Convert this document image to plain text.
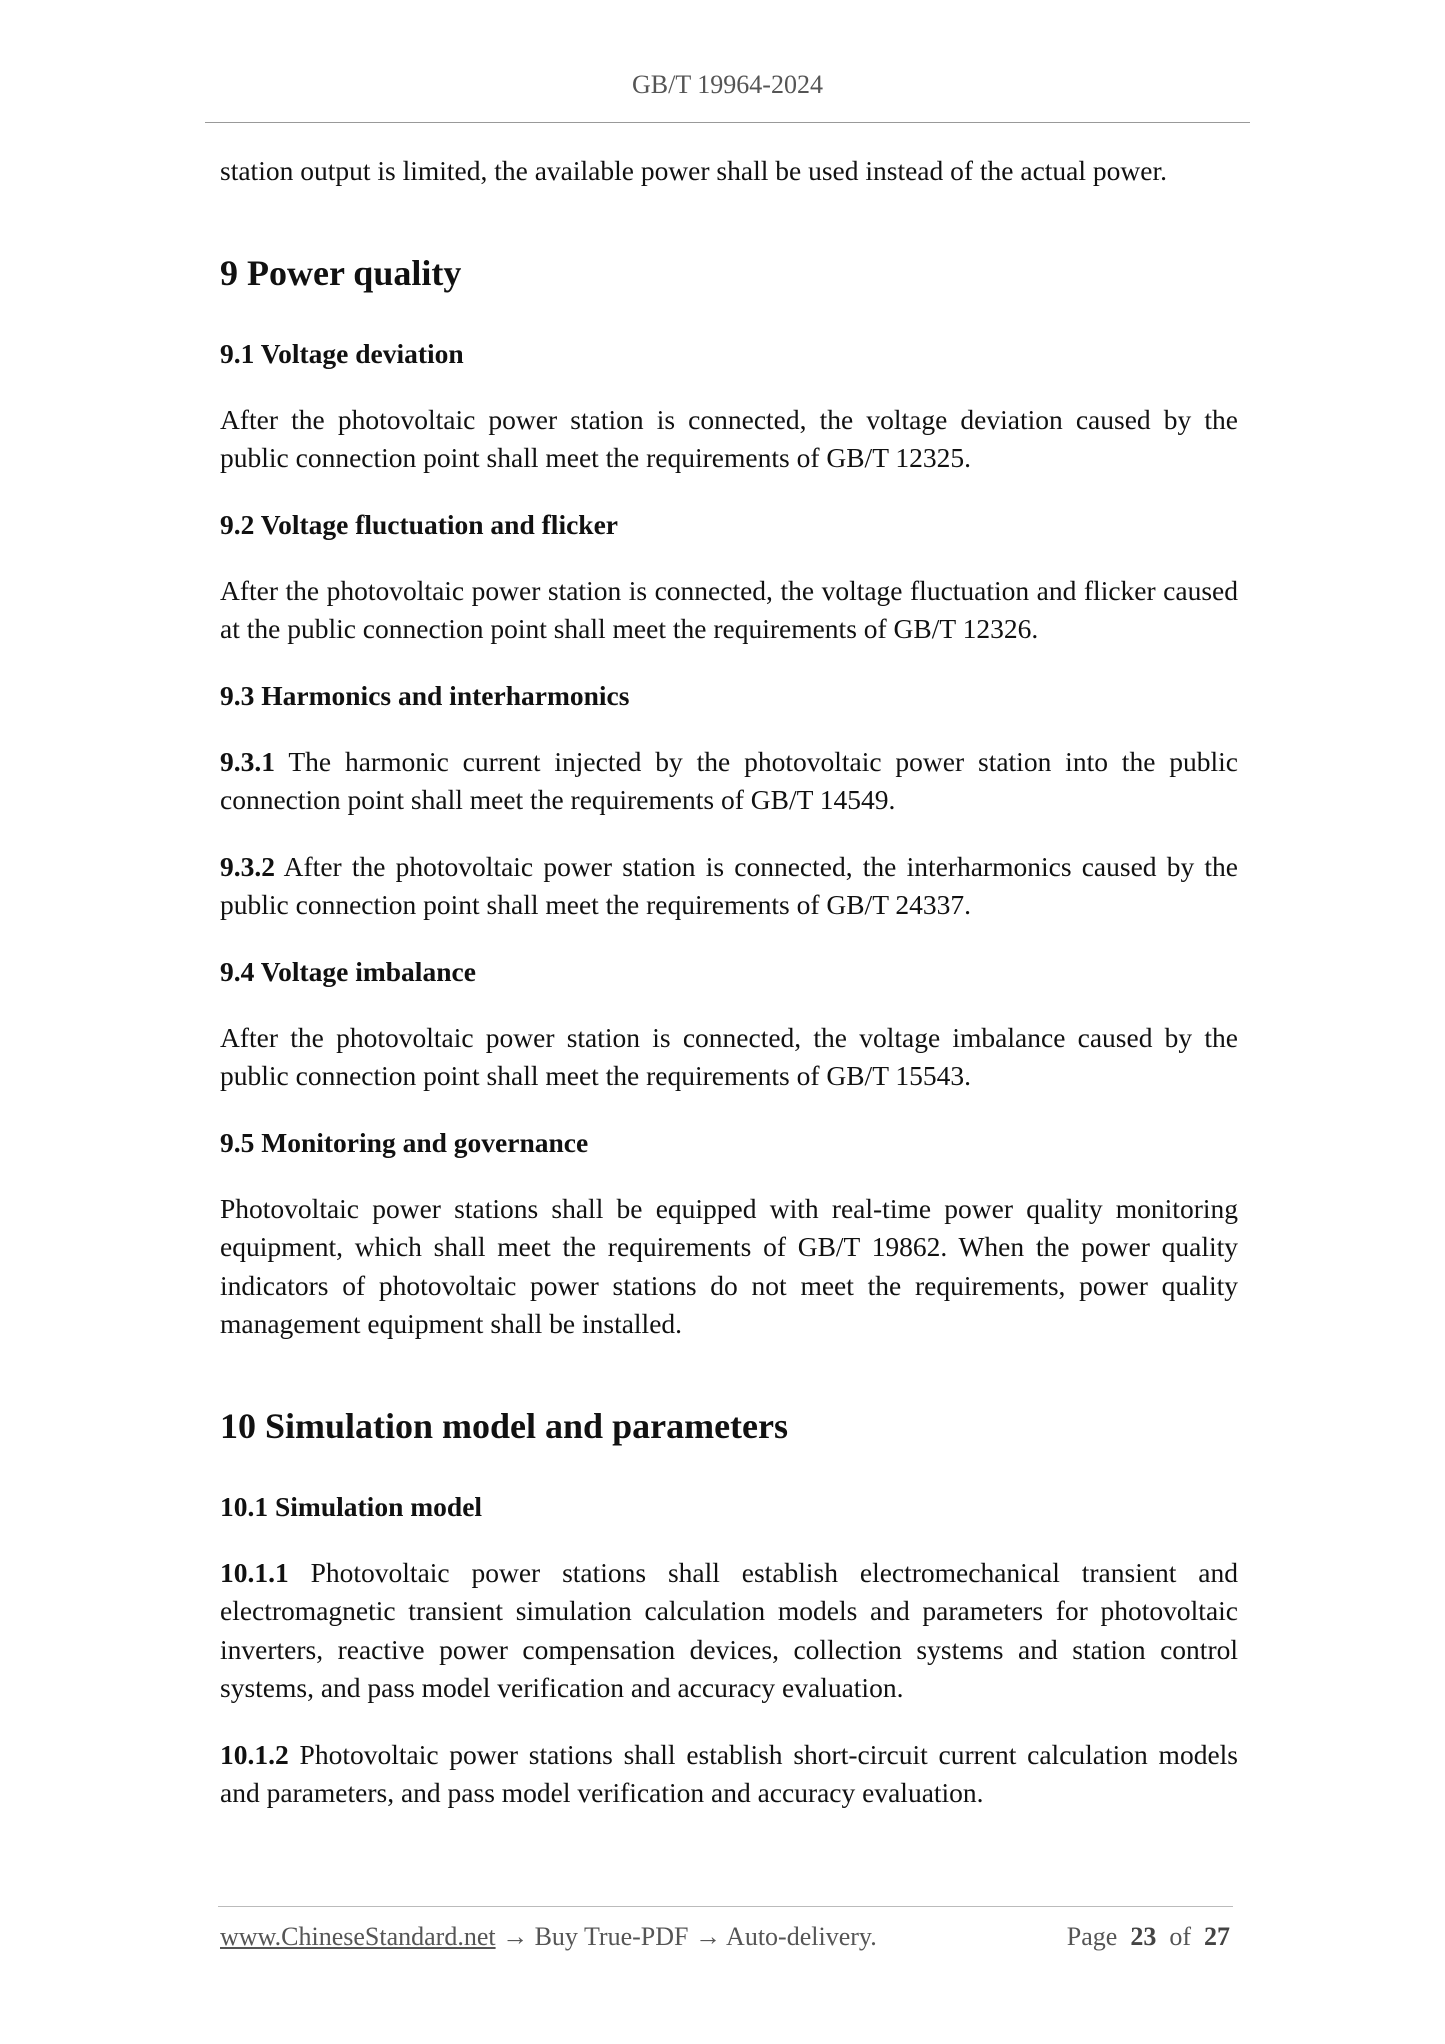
GB/T 19964-2024

station output is limited, the available power shall be used instead of the actual power.

9 Power quality
9.1 Voltage deviation

After the photovoltaic power station is connected, the voltage deviation caused by the public connection point shall meet the requirements of GB/T 12325.

9.2 Voltage fluctuation and flicker

After the photovoltaic power station is connected, the voltage fluctuation and flicker caused at the public connection point shall meet the requirements of GB/T 12326.

9.3 Harmonics and interharmonics

9.3.1 The harmonic current injected by the photovoltaic power station into the public connection point shall meet the requirements of GB/T 14549.

9.3.2 After the photovoltaic power station is connected, the interharmonics caused by the public connection point shall meet the requirements of GB/T 24337.

9.4 Voltage imbalance

After the photovoltaic power station is connected, the voltage imbalance caused by the public connection point shall meet the requirements of GB/T 15543.

9.5 Monitoring and governance

Photovoltaic power stations shall be equipped with real-time power quality monitoring equipment, which shall meet the requirements of GB/T 19862. When the power quality indicators of photovoltaic power stations do not meet the requirements, power quality management equipment shall be installed.

10 Simulation model and parameters
10.1 Simulation model

10.1.1 Photovoltaic power stations shall establish electromechanical transient and electromagnetic transient simulation calculation models and parameters for photovoltaic inverters, reactive power compensation devices, collection systems and station control systems, and pass model verification and accuracy evaluation.

10.1.2 Photovoltaic power stations shall establish short-circuit current calculation models and parameters, and pass model verification and accuracy evaluation.

www.ChineseStandard.net → Buy True-PDF → Auto-delivery.	Page 23 of 27
